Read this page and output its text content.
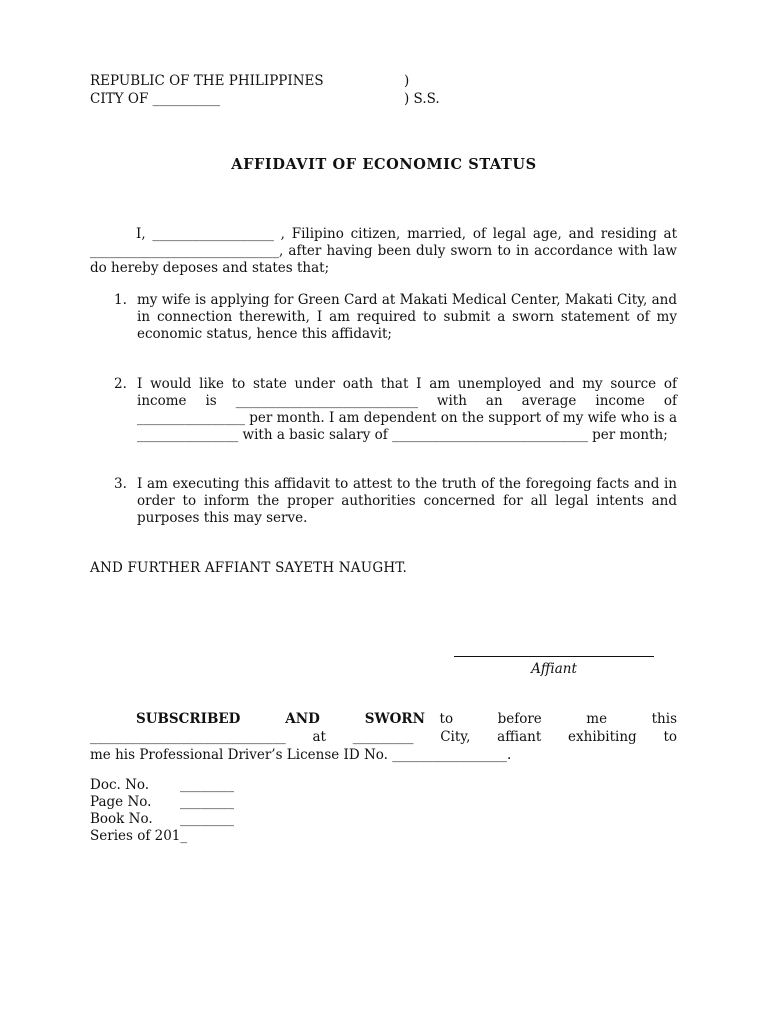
REPUBLIC OF THE PHILIPPINES	)
CITY OF __________	) S.S.
AFFIDAVIT OF ECONOMIC STATUS
I, __________________ , Filipino citizen, married, of legal age, and residing at ____________________________, after having been duly sworn to in accordance with law do hereby deposes and states that;
1. my wife is applying for Green Card at Makati Medical Center, Makati City, and in connection therewith, I am required to submit a sworn statement of my economic status, hence this affidavit;
2. I would like to state under oath that I am unemployed and my source of income is ___________________________ with an average income of ________________ per month. I am dependent on the support of my wife who is a _______________ with a basic salary of _____________________________ per month;
3. I am executing this affidavit to attest to the truth of the foregoing facts and in order to inform the proper authorities concerned for all legal intents and purposes this may serve.
AND FURTHER AFFIANT SAYETH NAUGHT.
Affiant
SUBSCRIBED AND SWORN to before me this
_____________________________ at _________ City, affiant exhibiting to
me his Professional Driver’s License ID No. _________________.
Doc. No. ________
Page No. ________
Book No. ________
Series of 201_
